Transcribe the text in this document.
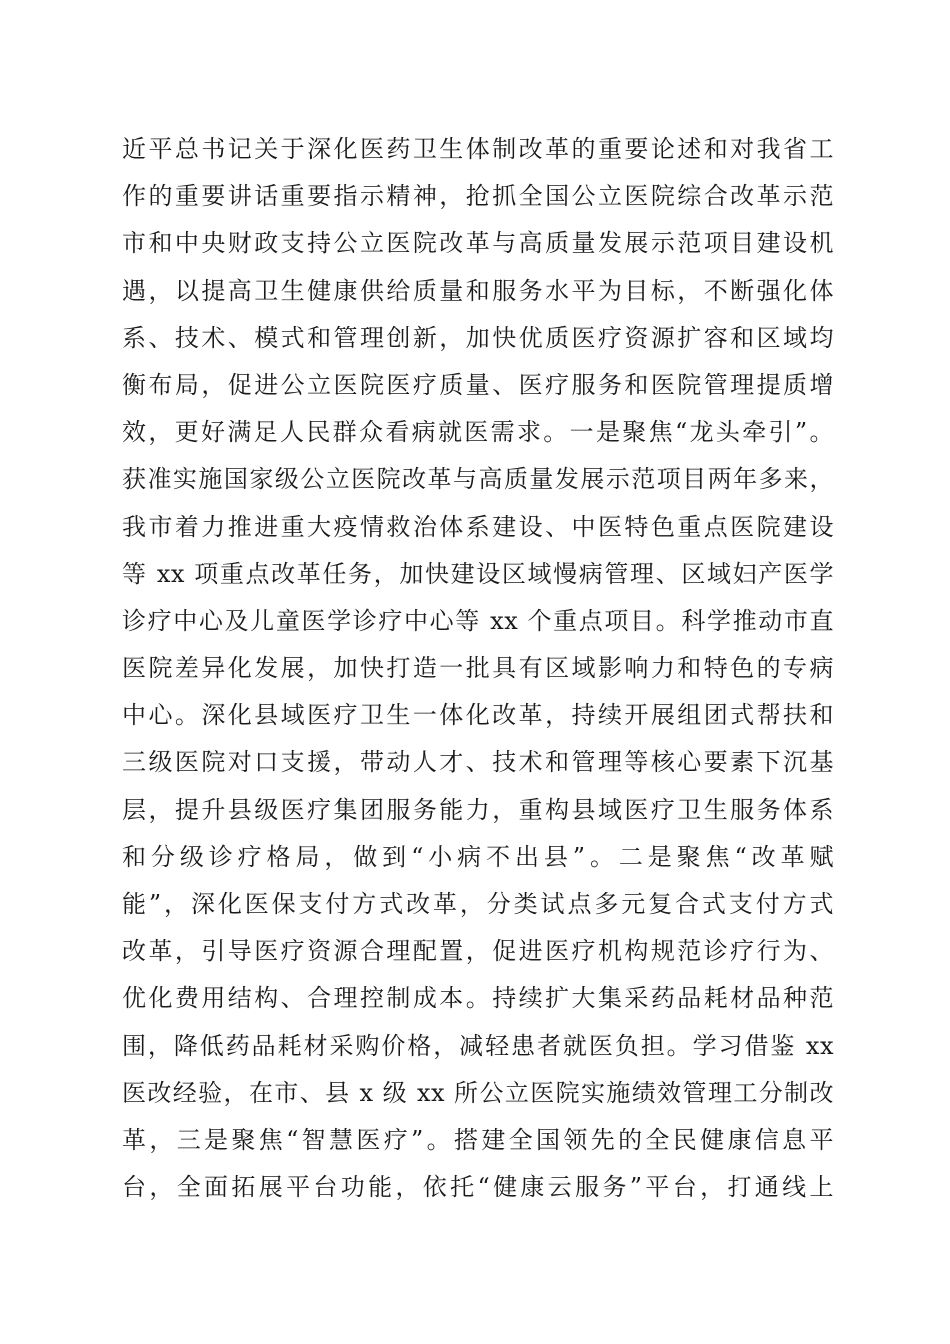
近平总书记关于深化医药卫生体制改革的重要论述和对我省工
作的重要讲话重要指示精神，抢抓全国公立医院综合改革示范
市和中央财政支持公立医院改革与高质量发展示范项目建设机
遇，以提高卫生健康供给质量和服务水平为目标，不断强化体
系、技术、模式和管理创新，加快优质医疗资源扩容和区域均
衡布局，促进公立医院医疗质量、医疗服务和医院管理提质增
效，更好满足人民群众看病就医需求。一是聚焦“龙头牵引”。
获准实施国家级公立医院改革与高质量发展示范项目两年多来，
我市着力推进重大疫情救治体系建设、中医特色重点医院建设
等 xx 项重点改革任务，加快建设区域慢病管理、区域妇产医学
诊疗中心及儿童医学诊疗中心等 xx 个重点项目。科学推动市直
医院差异化发展，加快打造一批具有区域影响力和特色的专病
中心。深化县域医疗卫生一体化改革，持续开展组团式帮扶和
三级医院对口支援，带动人才、技术和管理等核心要素下沉基
层，提升县级医疗集团服务能力，重构县域医疗卫生服务体系
和分级诊疗格局，做到“小病不出县”。二是聚焦“改革赋
能”，深化医保支付方式改革，分类试点多元复合式支付方式
改革，引导医疗资源合理配置，促进医疗机构规范诊疗行为、
优化费用结构、合理控制成本。持续扩大集采药品耗材品种范
围，降低药品耗材采购价格，减轻患者就医负担。学习借鉴 xx
医改经验，在市、县 x 级 xx 所公立医院实施绩效管理工分制改
革，三是聚焦“智慧医疗”。搭建全国领先的全民健康信息平
台，全面拓展平台功能，依托“健康云服务”平台，打通线上
